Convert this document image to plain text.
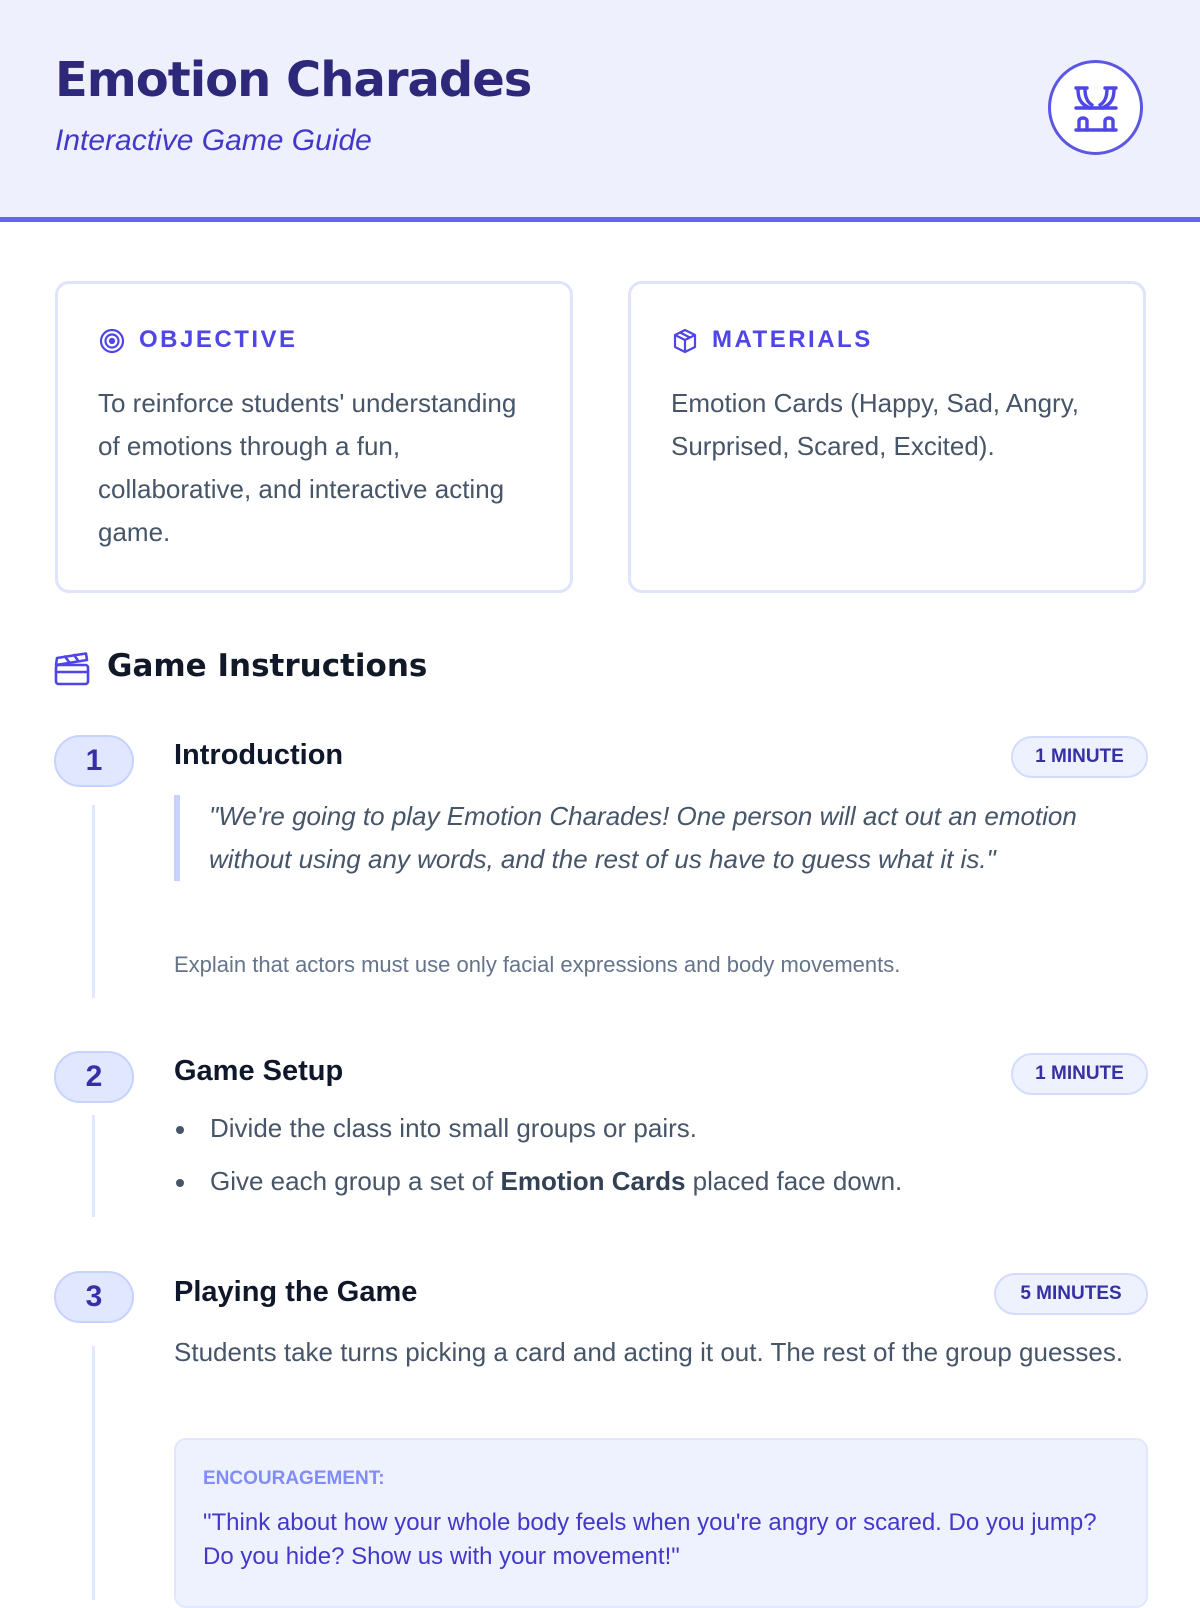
Emotion Charades
Interactive Game Guide
OBJECTIVE
To reinforce students' understanding of emotions through a fun, collaborative, and interactive acting game.
MATERIALS
Emotion Cards (Happy, Sad, Angry, Surprised, Scared, Excited).
Game Instructions
1	Introduction	1 MINUTE
"We're going to play Emotion Charades! One person will act out an emotion without using any words, and the rest of us have to guess what it is."
Explain that actors must use only facial expressions and body movements.
2	Game Setup	1 MINUTE
Divide the class into small groups or pairs.
Give each group a set of Emotion Cards placed face down.
3	Playing the Game	5 MINUTES
Students take turns picking a card and acting it out. The rest of the group guesses.
ENCOURAGEMENT:
"Think about how your whole body feels when you're angry or scared. Do you jump? Do you hide? Show us with your movement!"
